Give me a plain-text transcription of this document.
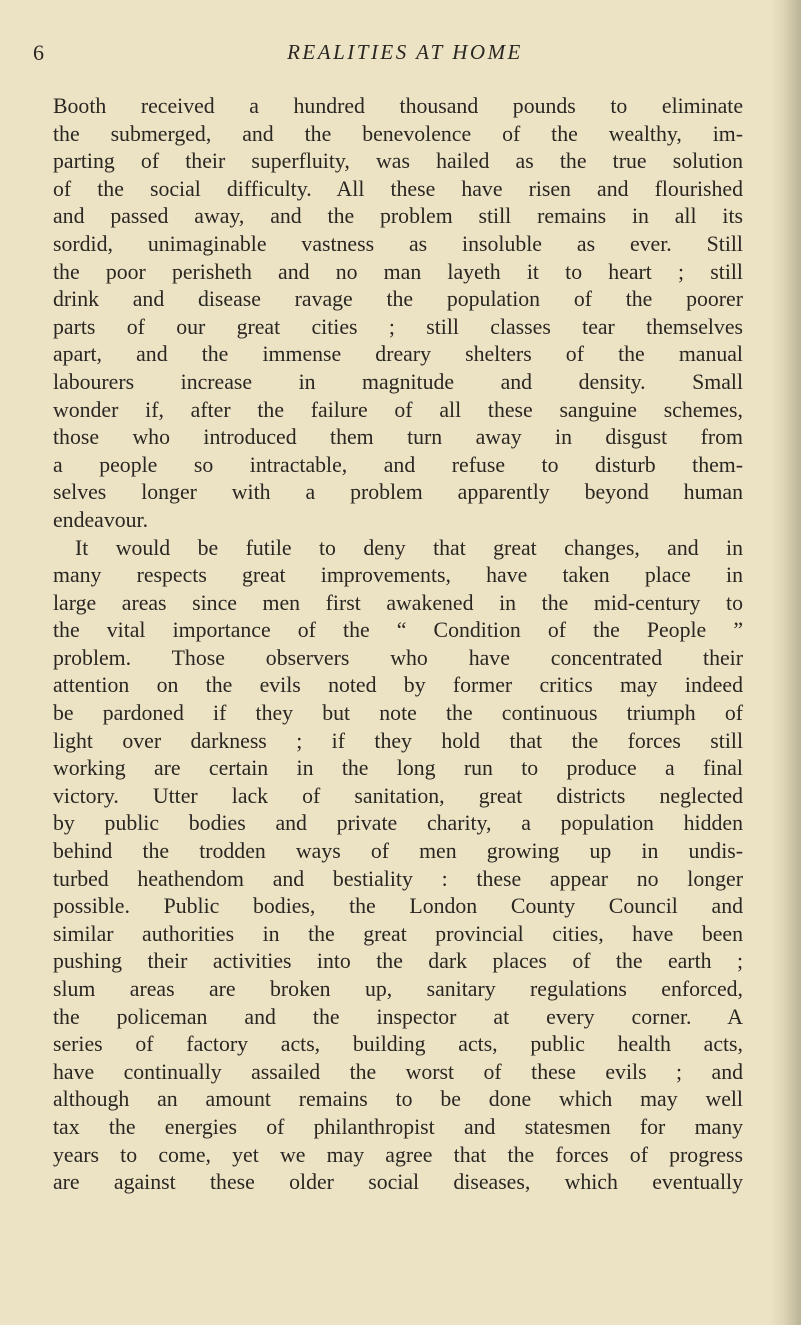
6	REALITIES AT HOME
Booth received a hundred thousand pounds to eliminate
the submerged, and the benevolence of the wealthy, im-
parting of their superfluity, was hailed as the true solution
of the social difficulty. All these have risen and flourished
and passed away, and the problem still remains in all its
sordid, unimaginable vastness as insoluble as ever. Still
the poor perisheth and no man layeth it to heart ; still
drink and disease ravage the population of the poorer
parts of our great cities ; still classes tear themselves
apart, and the immense dreary shelters of the manual
labourers increase in magnitude and density. Small
wonder if, after the failure of all these sanguine schemes,
those who introduced them turn away in disgust from
a people so intractable, and refuse to disturb them-
selves longer with a problem apparently beyond human
endeavour.
It would be futile to deny that great changes, and in
many respects great improvements, have taken place in
large areas since men first awakened in the mid-century to
the vital importance of the “ Condition of the People ”
problem. Those observers who have concentrated their
attention on the evils noted by former critics may indeed
be pardoned if they but note the continuous triumph of
light over darkness ; if they hold that the forces still
working are certain in the long run to produce a final
victory. Utter lack of sanitation, great districts neglected
by public bodies and private charity, a population hidden
behind the trodden ways of men growing up in undis-
turbed heathendom and bestiality : these appear no longer
possible. Public bodies, the London County Council and
similar authorities in the great provincial cities, have been
pushing their activities into the dark places of the earth ;
slum areas are broken up, sanitary regulations enforced,
the policeman and the inspector at every corner. A
series of factory acts, building acts, public health acts,
have continually assailed the worst of these evils ; and
although an amount remains to be done which may well
tax the energies of philanthropist and statesmen for many
years to come, yet we may agree that the forces of progress
are against these older social diseases, which eventually
